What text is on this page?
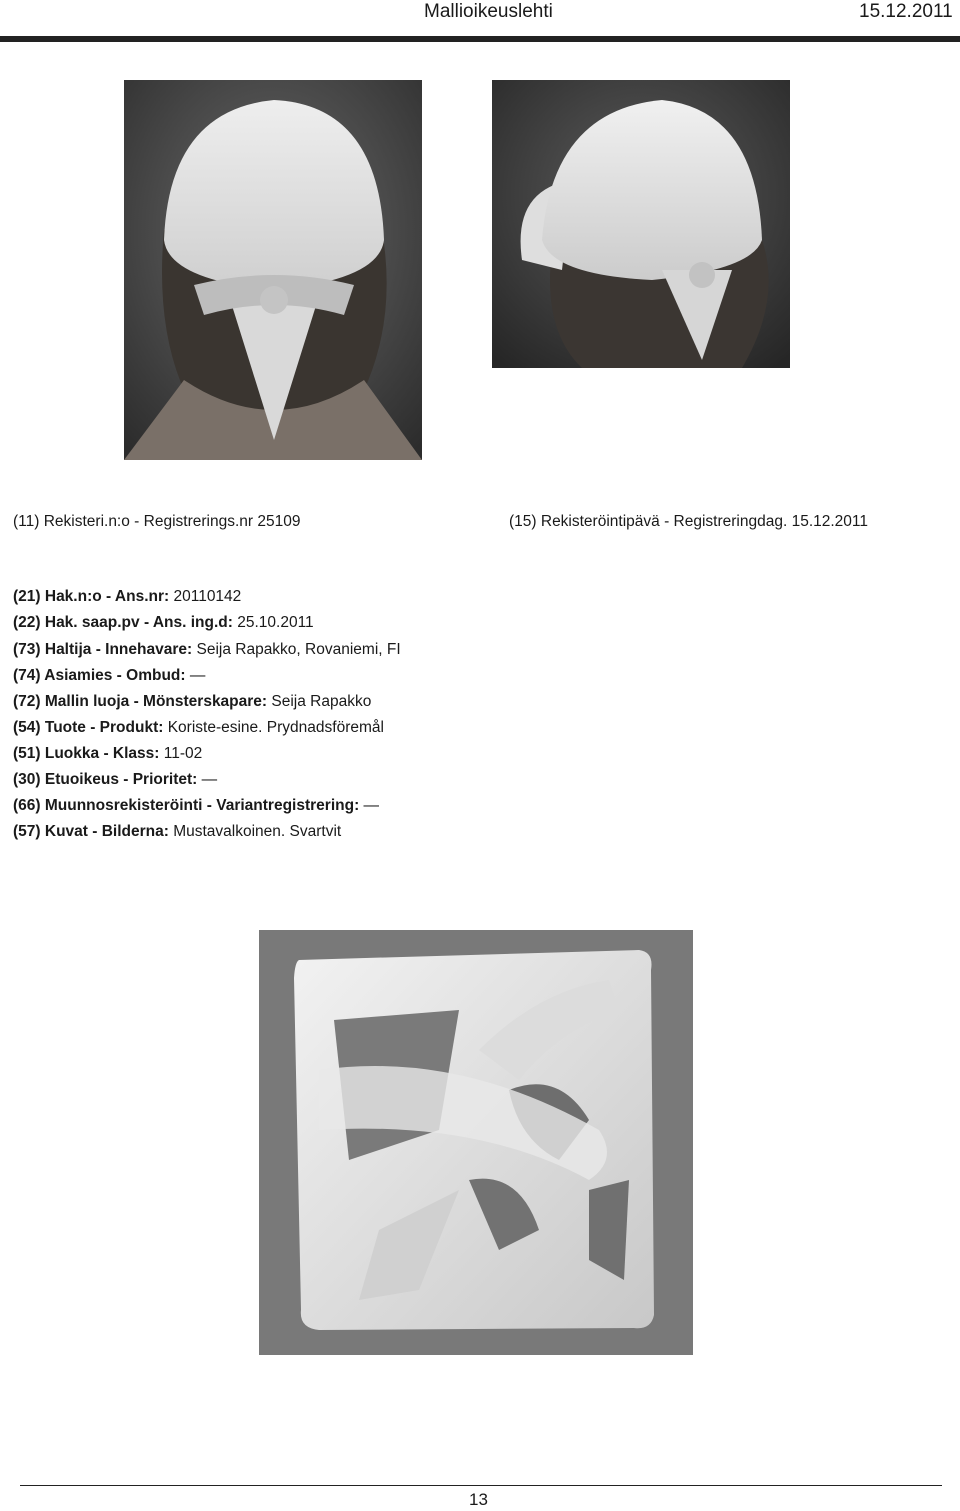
Mallioikeuslehti	15.12.2011
(11) Rekisteri.n:o - Registrerings.nr 25109	(15) Rekisteröintipävä - Registreringdag. 15.12.2011
(21) Hak.n:o - Ans.nr: 20110142
(22) Hak. saap.pv - Ans. ing.d: 25.10.2011
(73) Haltija - Innehavare: Seija Rapakko, Rovaniemi, FI
(74) Asiamies - Ombud: —
(72) Mallin luoja - Mönsterskapare: Seija Rapakko
(54) Tuote - Produkt: Koriste-esine. Prydnadsföremål
(51) Luokka - Klass: 11-02
(30) Etuoikeus - Prioritet: —
(66) Muunnosrekisteröinti - Variantregistrering: —
(57) Kuvat - Bilderna: Mustavalkoinen. Svartvit
13
